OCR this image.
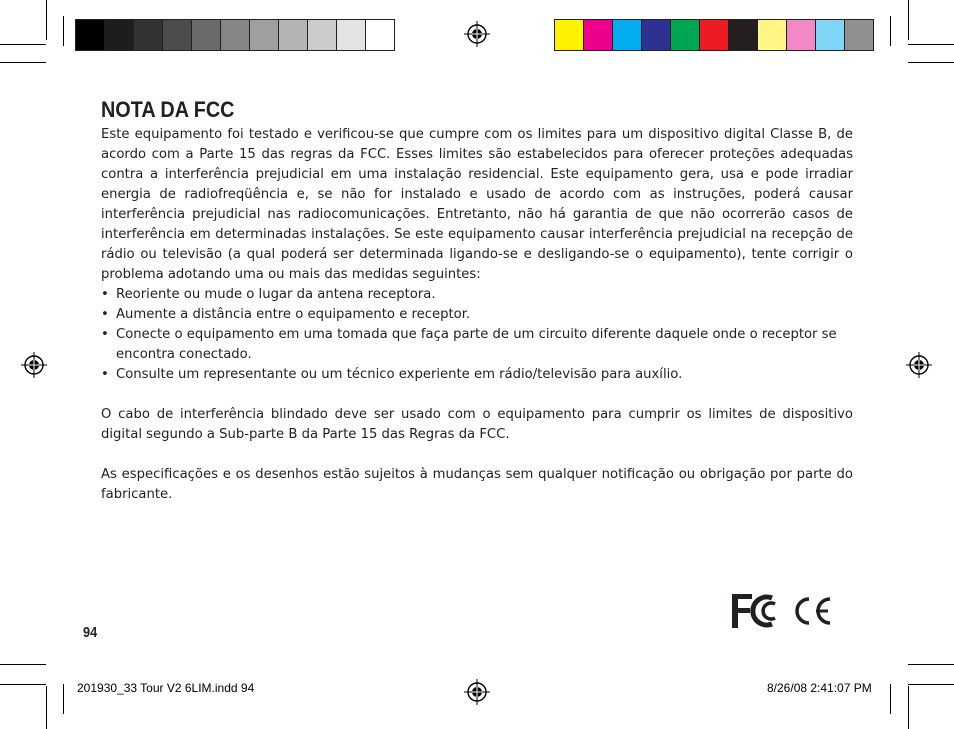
NOTA DA FCC

Este equipamento foi testado e verificou-se que cumpre com os limites para um dispositivo digital Classe B, de acordo com a Parte 15 das regras da FCC. Esses limites são estabelecidos para oferecer proteções adequadas contra a interferência prejudicial em uma instalação residencial. Este equipamento gera, usa e pode irradiar energia de radiofreqüência e, se não for instalado e usado de acordo com as instruções, poderá causar interferência prejudicial nas radiocomunicações. Entretanto, não há garantia de que não ocorrerão casos de interferência em determinadas instalações. Se este equipamento causar interferência prejudicial na recepção de rádio ou televisão (a qual poderá ser determinada ligando-se e desligando-se o equipamento), tente corrigir o problema adotando uma ou mais das medidas seguintes:

• Reoriente ou mude o lugar da antena receptora.
• Aumente a distância entre o equipamento e receptor.
• Conecte o equipamento em uma tomada que faça parte de um circuito diferente daquele onde o receptor se encontra conectado.
• Consulte um representante ou um técnico experiente em rádio/televisão para auxílio.

O cabo de interferência blindado deve ser usado com o equipamento para cumprir os limites de dispositivo digital segundo a Sub-parte B da Parte 15 das Regras da FCC.

As especificações e os desenhos estão sujeitos à mudanças sem qualquer notificação ou obrigação por parte do fabricante.

94
201930_33 Tour V2 6LIM.indd 94	8/26/08 2:41:07 PM
